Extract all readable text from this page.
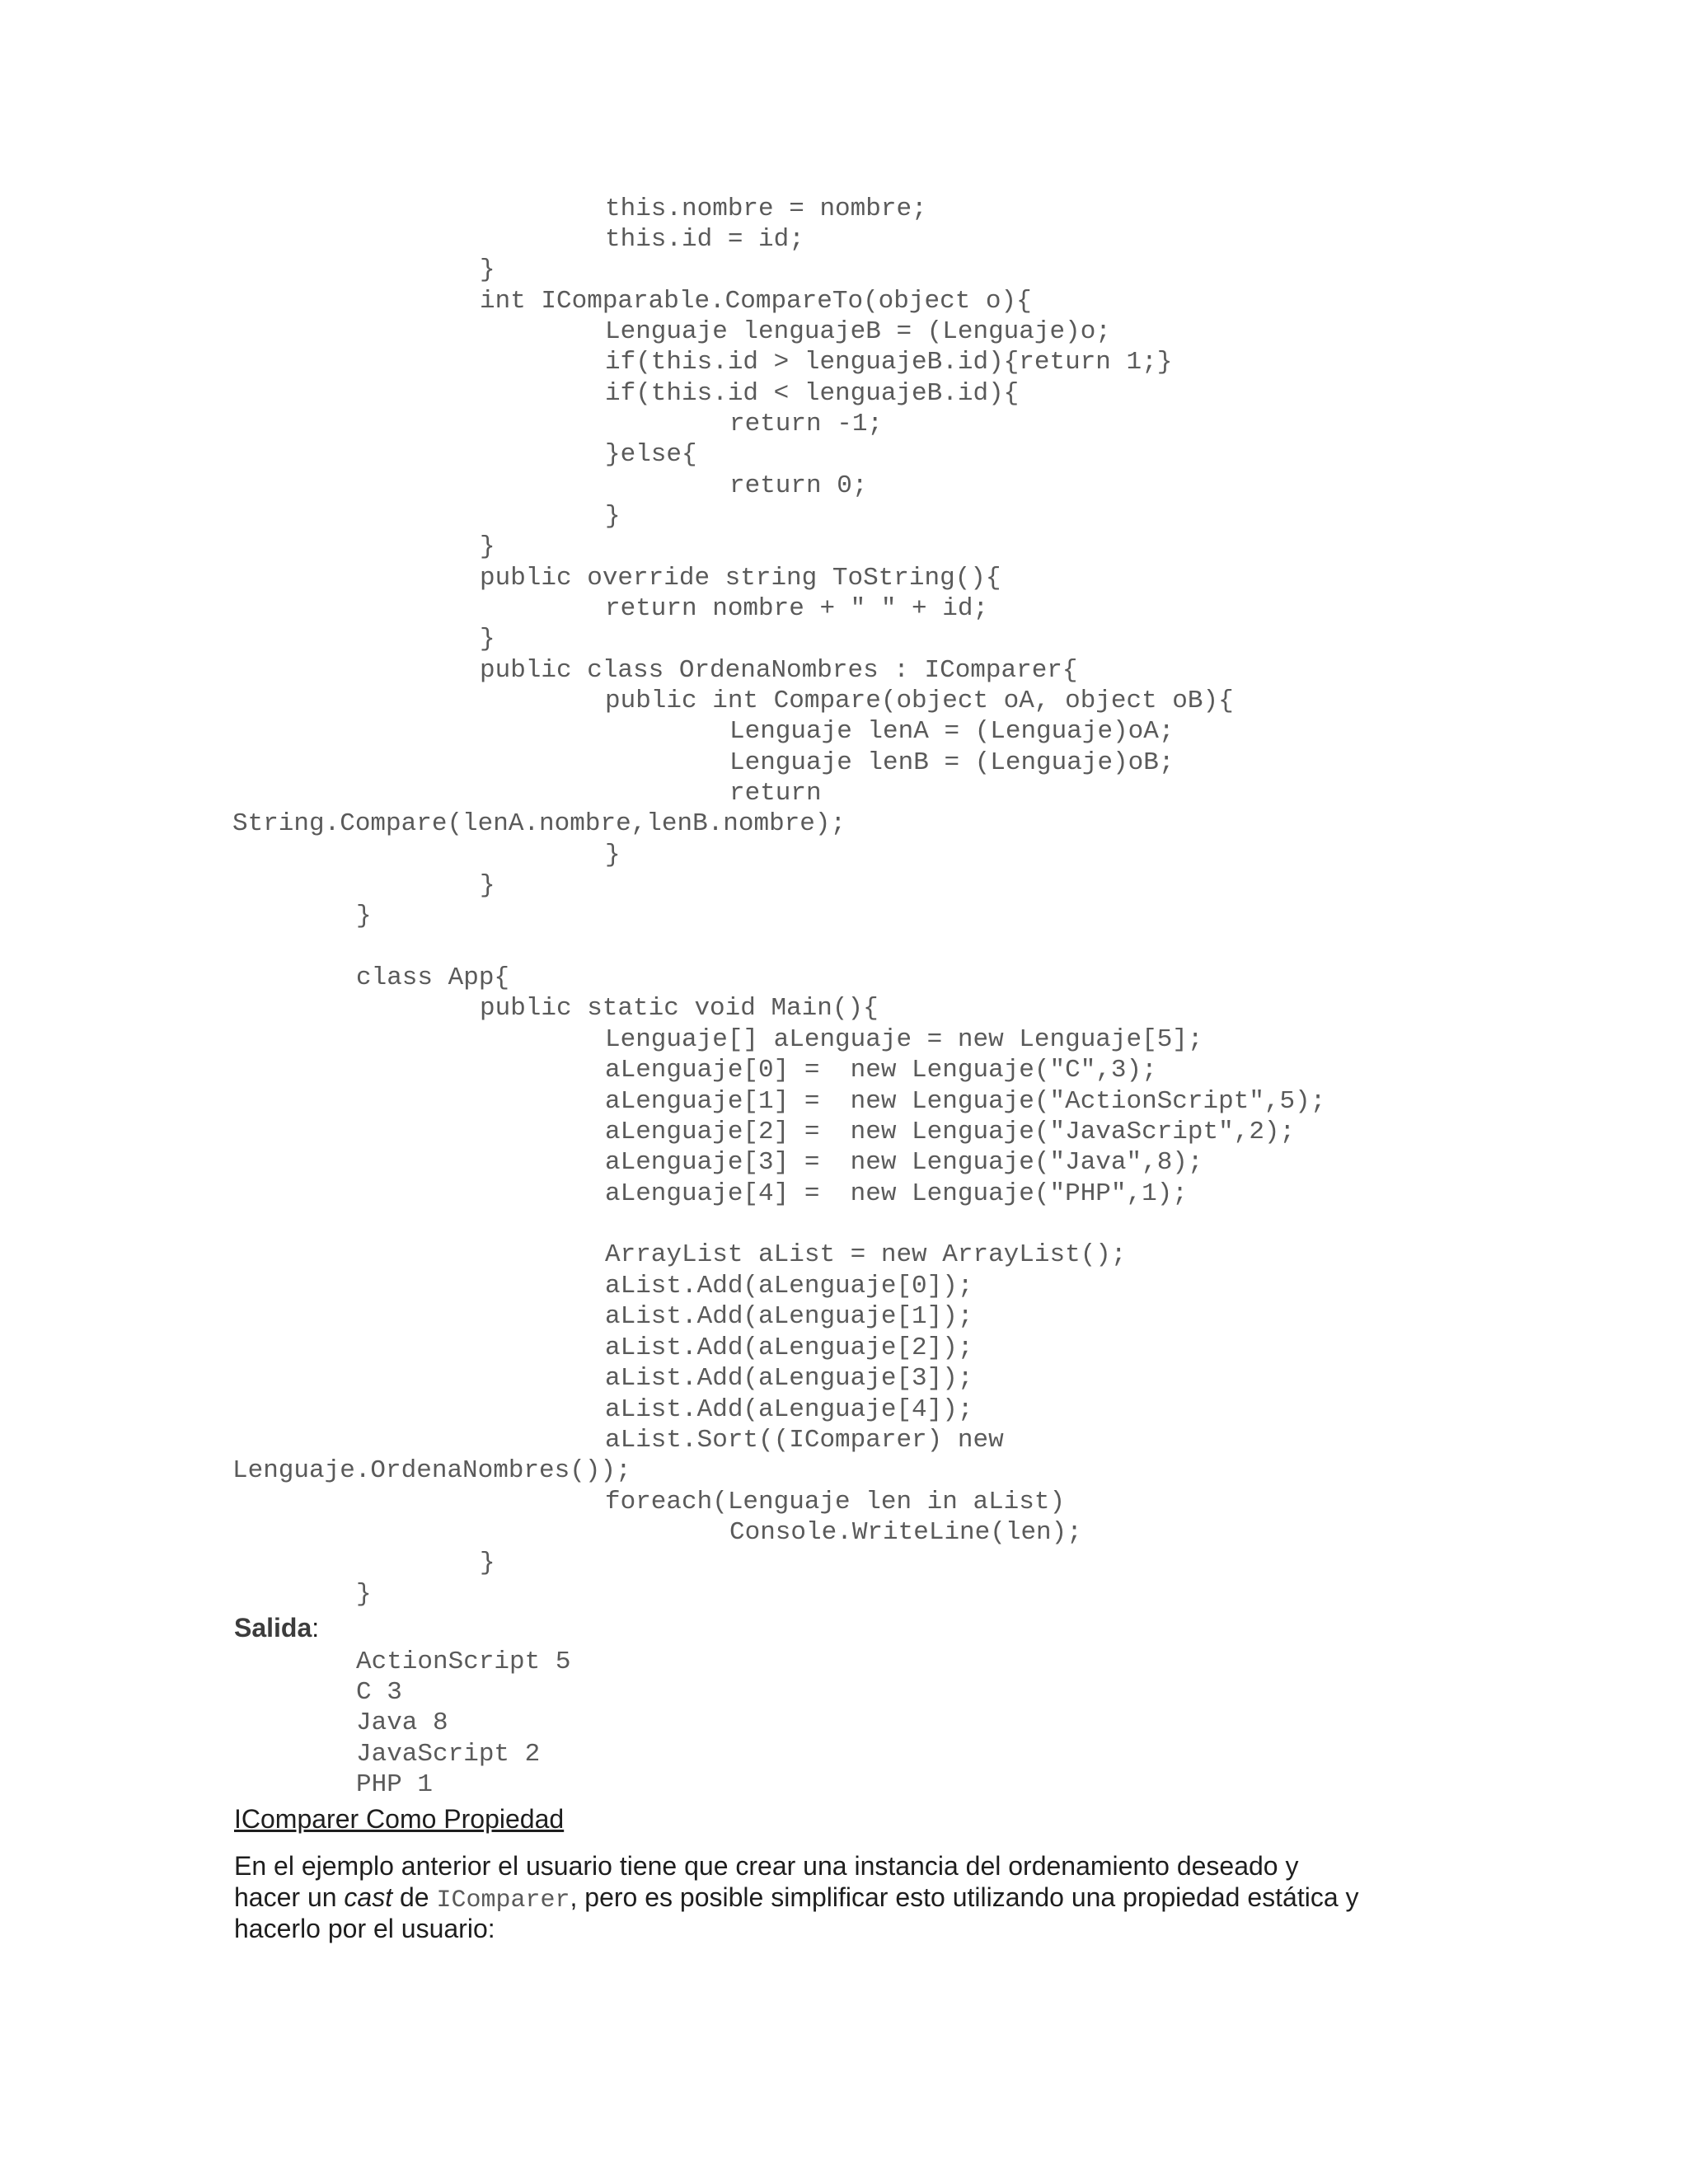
this.nombre = nombre;
this.id = id;
}
int IComparable.CompareTo(object o){
Lenguaje lenguajeB = (Lenguaje)o;
if(this.id > lenguajeB.id){return 1;}
if(this.id < lenguajeB.id){
return -1;
}else{
return 0;
}
}
public override string ToString(){
return nombre + " " + id;
}
public class OrdenaNombres : IComparer{
public int Compare(object oA, object oB){
Lenguaje lenA = (Lenguaje)oA;
Lenguaje lenB = (Lenguaje)oB;
return
String.Compare(lenA.nombre,lenB.nombre);
}
}
}
class App{
public static void Main(){
Lenguaje[] aLenguaje = new Lenguaje[5];
aLenguaje[0] =  new Lenguaje("C",3);
aLenguaje[1] =  new Lenguaje("ActionScript",5);
aLenguaje[2] =  new Lenguaje("JavaScript",2);
aLenguaje[3] =  new Lenguaje("Java",8);
aLenguaje[4] =  new Lenguaje("PHP",1);
ArrayList aList = new ArrayList();
aList.Add(aLenguaje[0]);
aList.Add(aLenguaje[1]);
aList.Add(aLenguaje[2]);
aList.Add(aLenguaje[3]);
aList.Add(aLenguaje[4]);
aList.Sort((IComparer) new
Lenguaje.OrdenaNombres());
foreach(Lenguaje len in aList)
Console.WriteLine(len);
}
}
Salida:
ActionScript 5
C 3
Java 8
JavaScript 2
PHP 1
IComparer Como Propiedad
En el ejemplo anterior el usuario tiene que crear una instancia del ordenamiento deseado y
hacer un cast de IComparer, pero es posible simplificar esto utilizando una propiedad estática y
hacerlo por el usuario:
